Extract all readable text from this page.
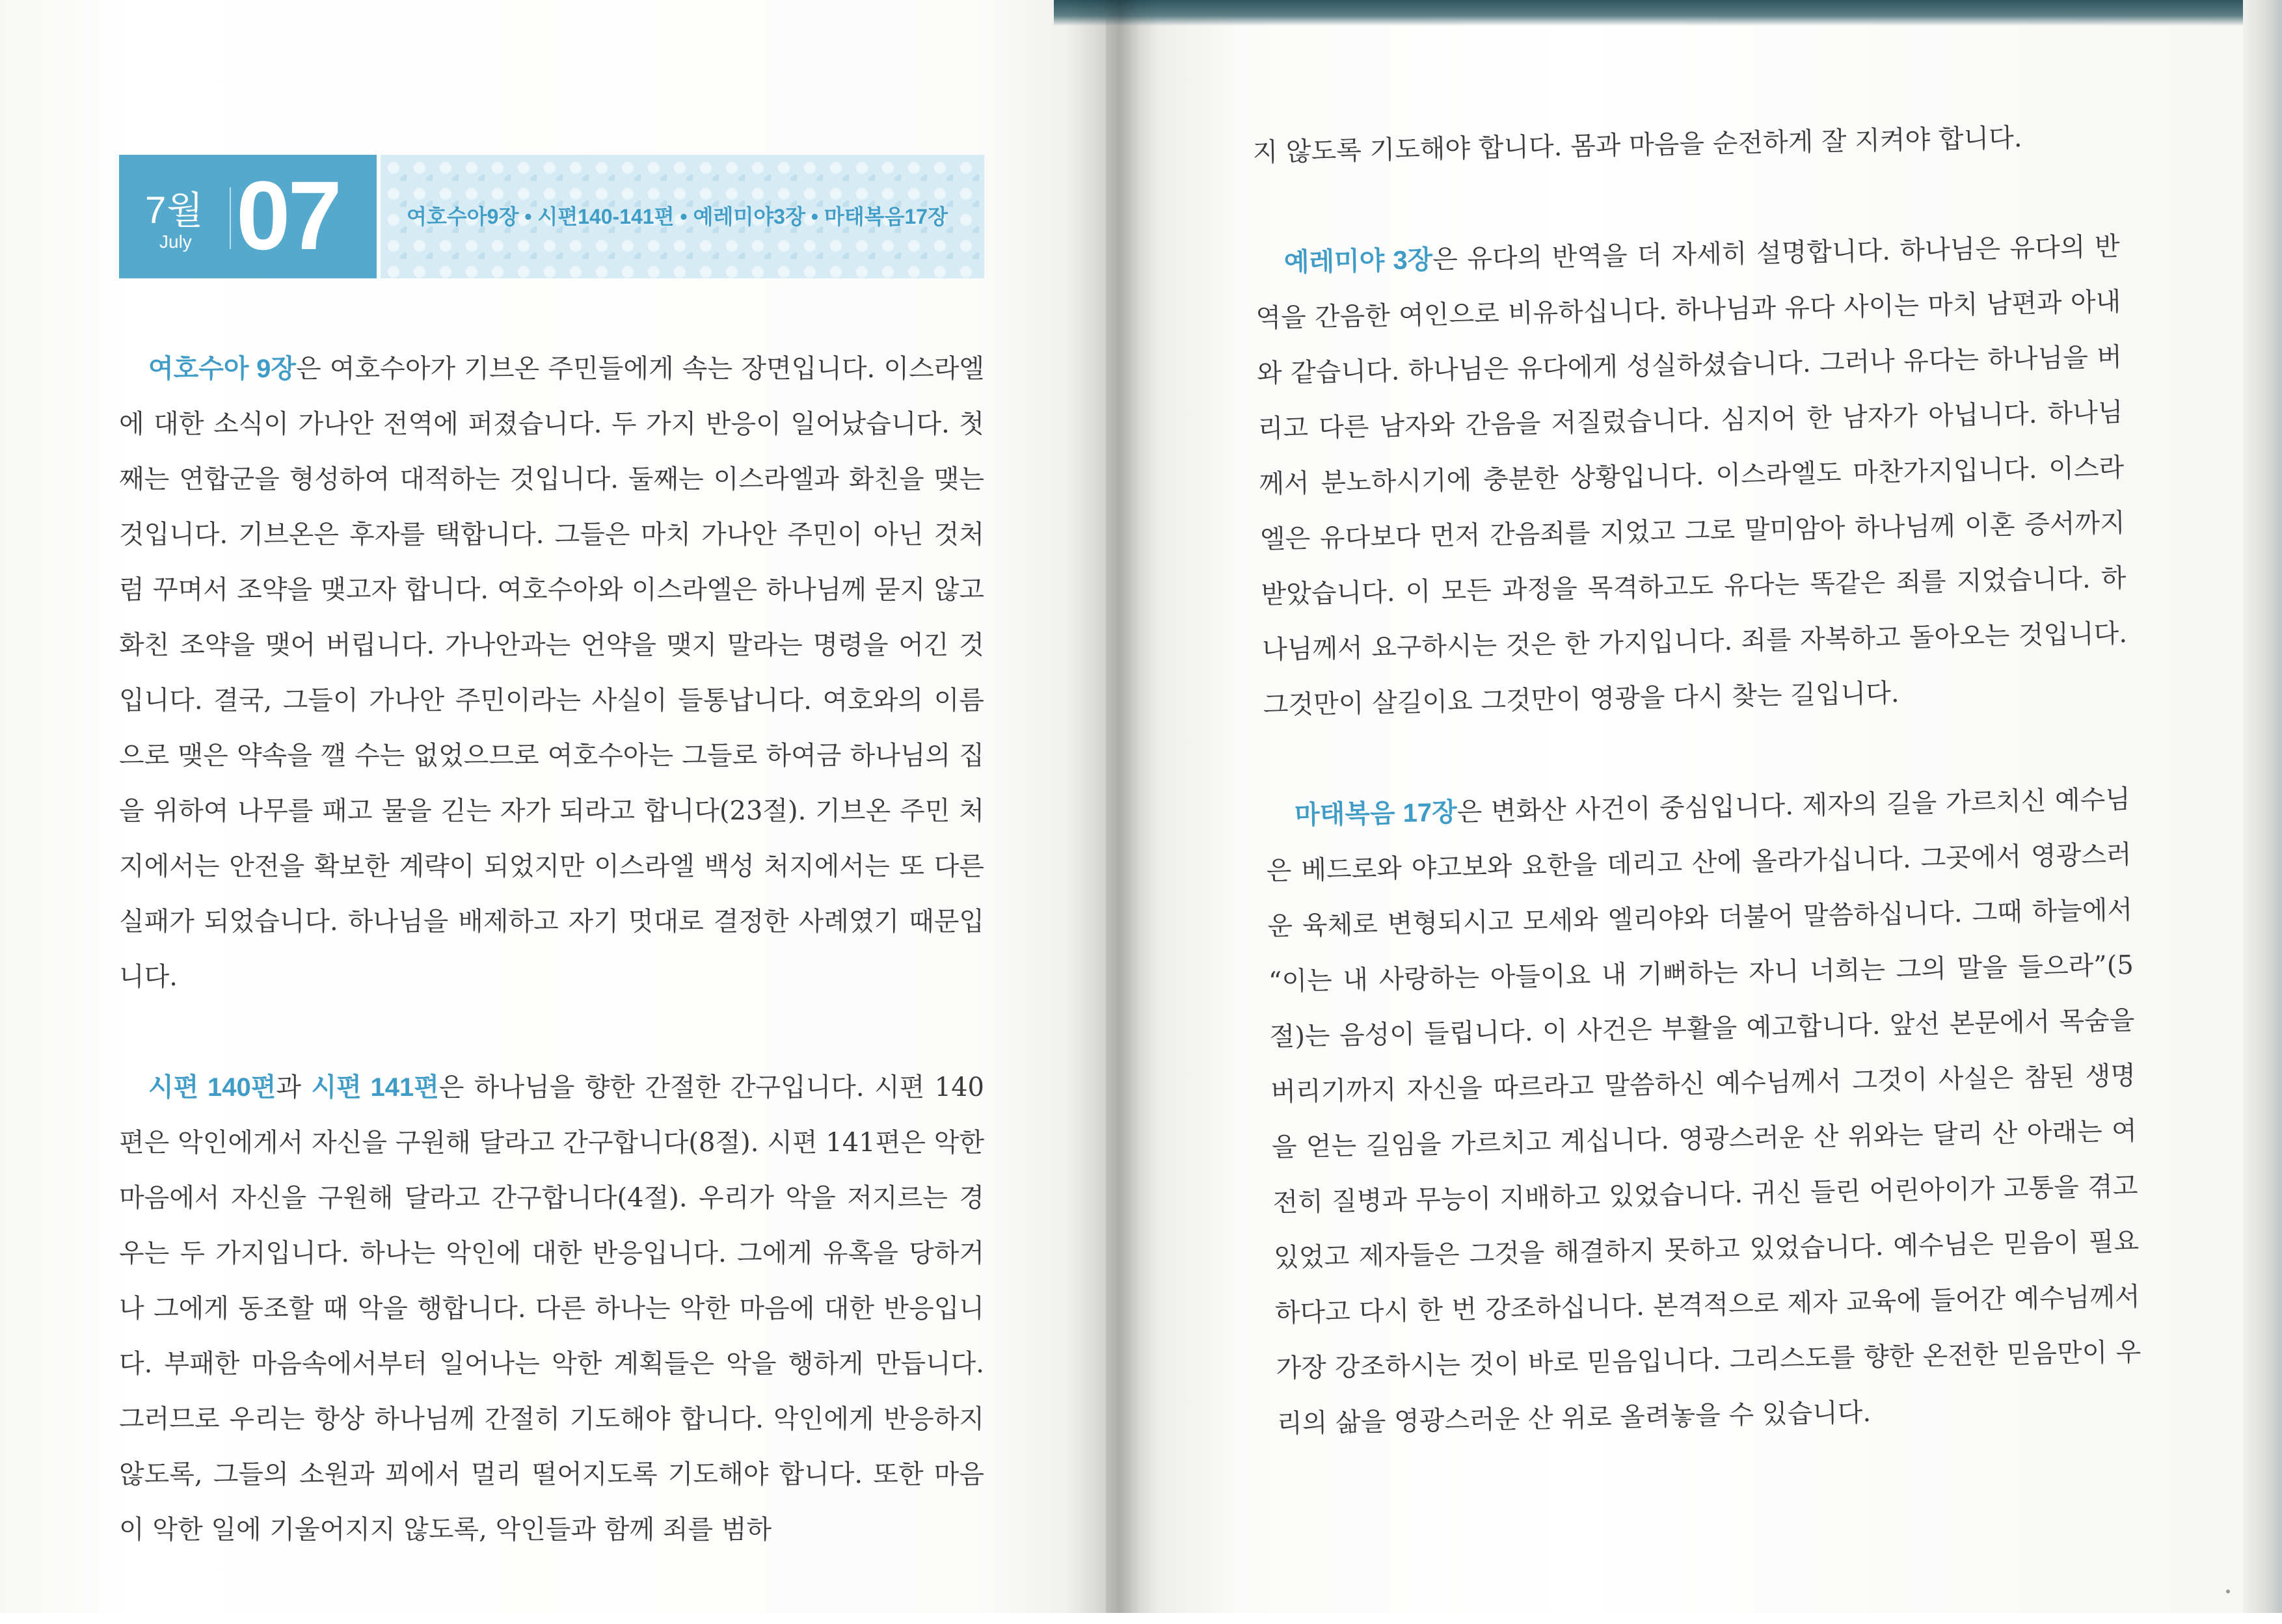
7월
July 07	여호수아9장 • 시편140-141편 • 예레미야3장 • 마태복음17장

여호수아 9장은 여호수아가 기브온 주민들에게 속는 장면입니다. 이스라엘에 대한 소식이 가나안 전역에 퍼졌습니다. 두 가지 반응이 일어났습니다. 첫째는 연합군을 형성하여 대적하는 것입니다. 둘째는 이스라엘과 화친을 맺는 것입니다. 기브온은 후자를 택합니다. 그들은 마치 가나안 주민이 아닌 것처럼 꾸며서 조약을 맺고자 합니다. 여호수아와 이스라엘은 하나님께 묻지 않고 화친 조약을 맺어 버립니다. 가나안과는 언약을 맺지 말라는 명령을 어긴 것입니다. 결국, 그들이 가나안 주민이라는 사실이 들통납니다. 여호와의 이름으로 맺은 약속을 깰 수는 없었으므로 여호수아는 그들로 하여금 하나님의 집을 위하여 나무를 패고 물을 긷는 자가 되라고 합니다(23절). 기브온 주민 처지에서는 안전을 확보한 계략이 되었지만 이스라엘 백성 처지에서는 또 다른 실패가 되었습니다. 하나님을 배제하고 자기 멋대로 결정한 사례였기 때문입니다.

시편 140편과 시편 141편은 하나님을 향한 간절한 간구입니다. 시편 140편은 악인에게서 자신을 구원해 달라고 간구합니다(8절). 시편 141편은 악한 마음에서 자신을 구원해 달라고 간구합니다(4절). 우리가 악을 저지르는 경우는 두 가지입니다. 하나는 악인에 대한 반응입니다. 그에게 유혹을 당하거나 그에게 동조할 때 악을 행합니다. 다른 하나는 악한 마음에 대한 반응입니다. 부패한 마음속에서부터 일어나는 악한 계획들은 악을 행하게 만듭니다. 그러므로 우리는 항상 하나님께 간절히 기도해야 합니다. 악인에게 반응하지 않도록, 그들의 소원과 꾀에서 멀리 떨어지도록 기도해야 합니다. 또한 마음이 악한 일에 기울어지지 않도록, 악인들과 함께 죄를 범하

지 않도록 기도해야 합니다. 몸과 마음을 순전하게 잘 지켜야 합니다.

예레미야 3장은 유다의 반역을 더 자세히 설명합니다. 하나님은 유다의 반역을 간음한 여인으로 비유하십니다. 하나님과 유다 사이는 마치 남편과 아내와 같습니다. 하나님은 유다에게 성실하셨습니다. 그러나 유다는 하나님을 버리고 다른 남자와 간음을 저질렀습니다. 심지어 한 남자가 아닙니다. 하나님께서 분노하시기에 충분한 상황입니다. 이스라엘도 마찬가지입니다. 이스라엘은 유다보다 먼저 간음죄를 지었고 그로 말미암아 하나님께 이혼 증서까지 받았습니다. 이 모든 과정을 목격하고도 유다는 똑같은 죄를 지었습니다. 하나님께서 요구하시는 것은 한 가지입니다. 죄를 자복하고 돌아오는 것입니다. 그것만이 살길이요 그것만이 영광을 다시 찾는 길입니다.

마태복음 17장은 변화산 사건이 중심입니다. 제자의 길을 가르치신 예수님은 베드로와 야고보와 요한을 데리고 산에 올라가십니다. 그곳에서 영광스러운 육체로 변형되시고 모세와 엘리야와 더불어 말씀하십니다. 그때 하늘에서 “이는 내 사랑하는 아들이요 내 기뻐하는 자니 너희는 그의 말을 들으라”(5절)는 음성이 들립니다. 이 사건은 부활을 예고합니다. 앞선 본문에서 목숨을 버리기까지 자신을 따르라고 말씀하신 예수님께서 그것이 사실은 참된 생명을 얻는 길임을 가르치고 계십니다. 영광스러운 산 위와는 달리 산 아래는 여전히 질병과 무능이 지배하고 있었습니다. 귀신 들린 어린아이가 고통을 겪고 있었고 제자들은 그것을 해결하지 못하고 있었습니다. 예수님은 믿음이 필요하다고 다시 한 번 강조하십니다. 본격적으로 제자 교육에 들어간 예수님께서 가장 강조하시는 것이 바로 믿음입니다. 그리스도를 향한 온전한 믿음만이 우리의 삶을 영광스러운 산 위로 올려놓을 수 있습니다.
